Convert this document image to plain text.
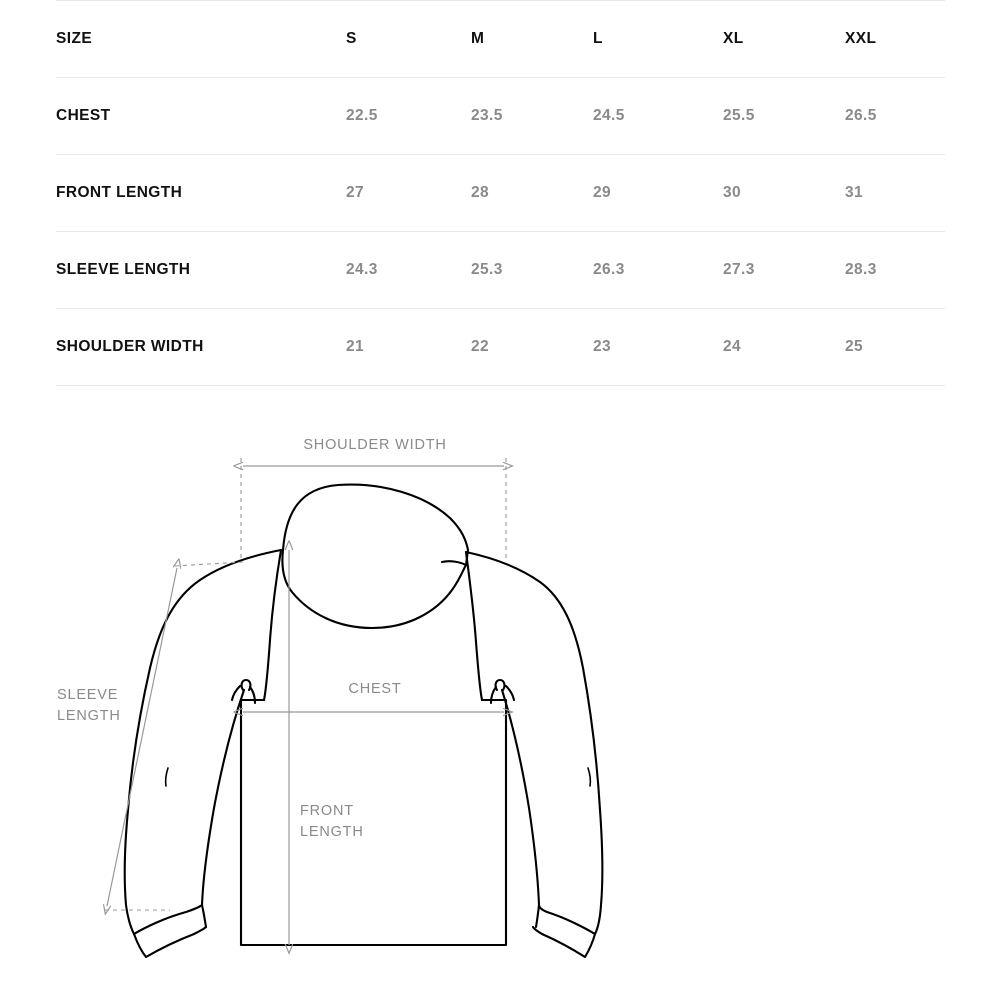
SIZE	S	M	L	XL	XXL
CHEST	22.5	23.5	24.5	25.5	26.5
FRONT LENGTH	27	28	29	30	31
SLEEVE LENGTH	24.3	25.3	26.3	27.3	28.3
SHOULDER WIDTH	21	22	23	24	25
SHOULDER WIDTH
CHEST
SLEEVE
LENGTH
FRONT
LENGTH
